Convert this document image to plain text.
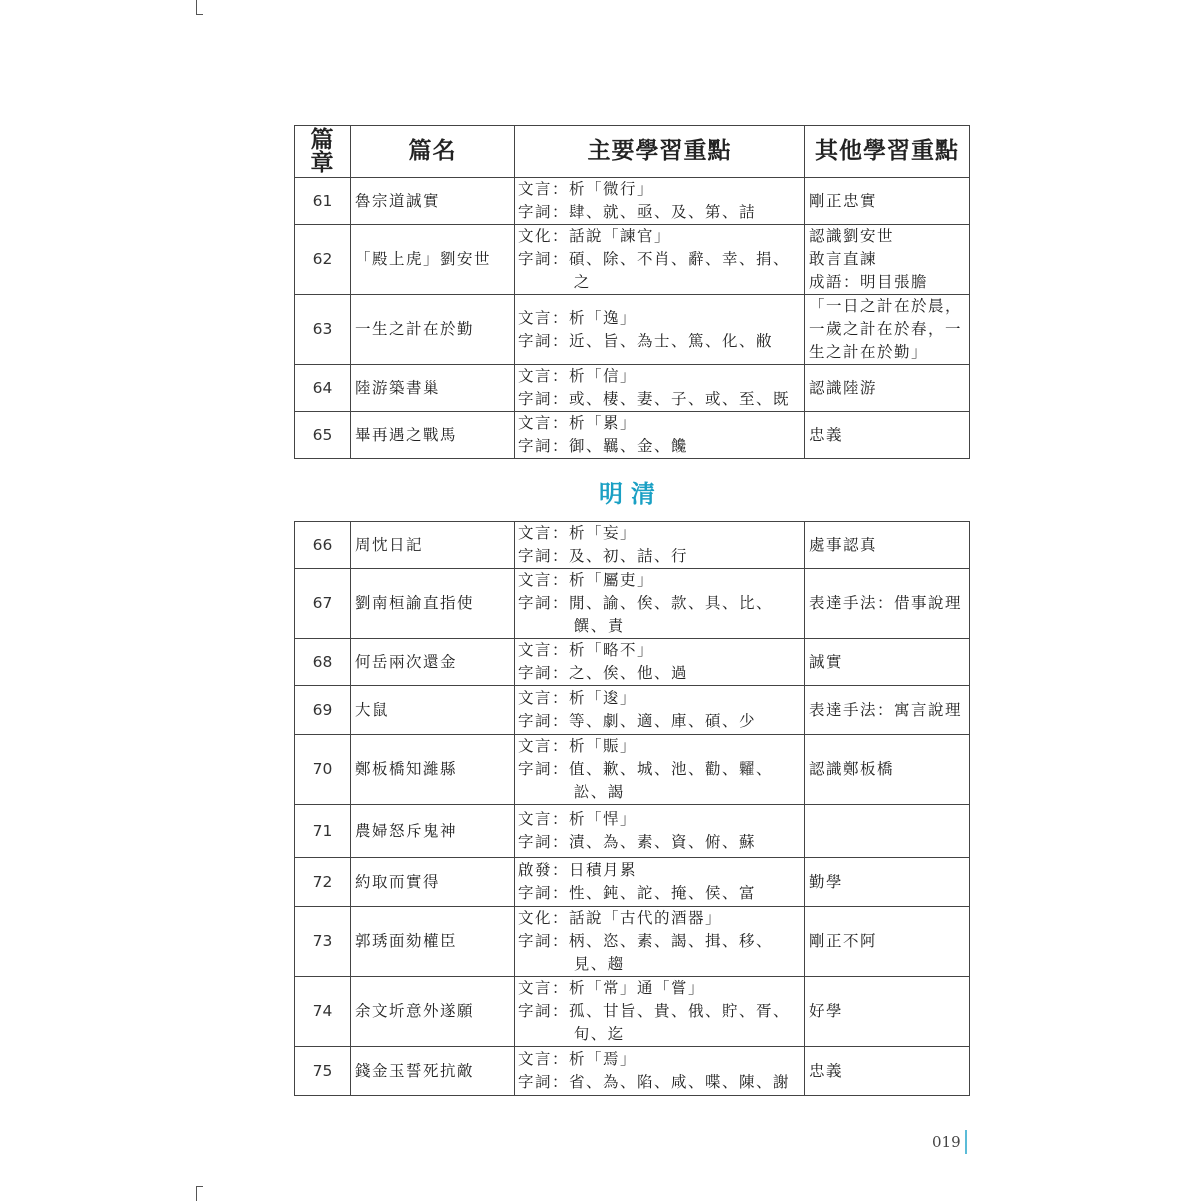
篇章	篇名	主要學習重點	其他學習重點
61	魯宗道誠實	文言：析「微行」
字詞：肆、就、亟、及、第、詰	剛正忠實

62	「殿上虎」劉安世	文化：話說「諫官」
字詞：碩、除、不肖、辭、幸、捐、之	認識劉安世
敢言直諫
成語：明目張膽

63	一生之計在於勤	文言：析「逸」
字詞：近、旨、為士、篤、化、敝	「一日之計在於晨，一歲之計在於春，一生之計在於勤」

64	陸游築書巢	文言：析「信」
字詞：或、棲、妻、子、或、至、既	認識陸游

65	畢再遇之戰馬	文言：析「累」
字詞：御、羈、金、饞	忠義
明清
66	周忱日記	文言：析「妄」
字詞：及、初、詰、行	處事認真

67	劉南桓諭直指使	文言：析「屬吏」
字詞：閒、諭、俟、款、具、比、饌、責	表達手法：借事說理

68	何岳兩次還金	文言：析「略不」
字詞：之、俟、他、過	誠實

69	大鼠	文言：析「逡」
字詞：等、劇、適、庫、碩、少	表達手法：寓言說理

70	鄭板橋知濰縣	文言：析「賑」
字詞：值、歉、城、池、勸、糶、訟、謁	認識鄭板橋

71	農婦怒斥鬼神	文言：析「悍」
字詞：漬、為、素、資、俯、蘇	

72	約取而實得	啟發：日積月累
字詞：性、鈍、詑、掩、侯、富	勤學

73	郭琇面劾權臣	文化：話說「古代的酒器」
字詞：柄、恣、素、謁、揖、移、見、趨	剛正不阿

74	余文圻意外遂願	文言：析「常」通「嘗」
字詞：孤、甘旨、貴、俄、貯、胥、旬、迄	好學

75	錢金玉誓死抗敵	文言：析「焉」
字詞：省、為、陷、咸、喋、陳、謝	忠義
019
